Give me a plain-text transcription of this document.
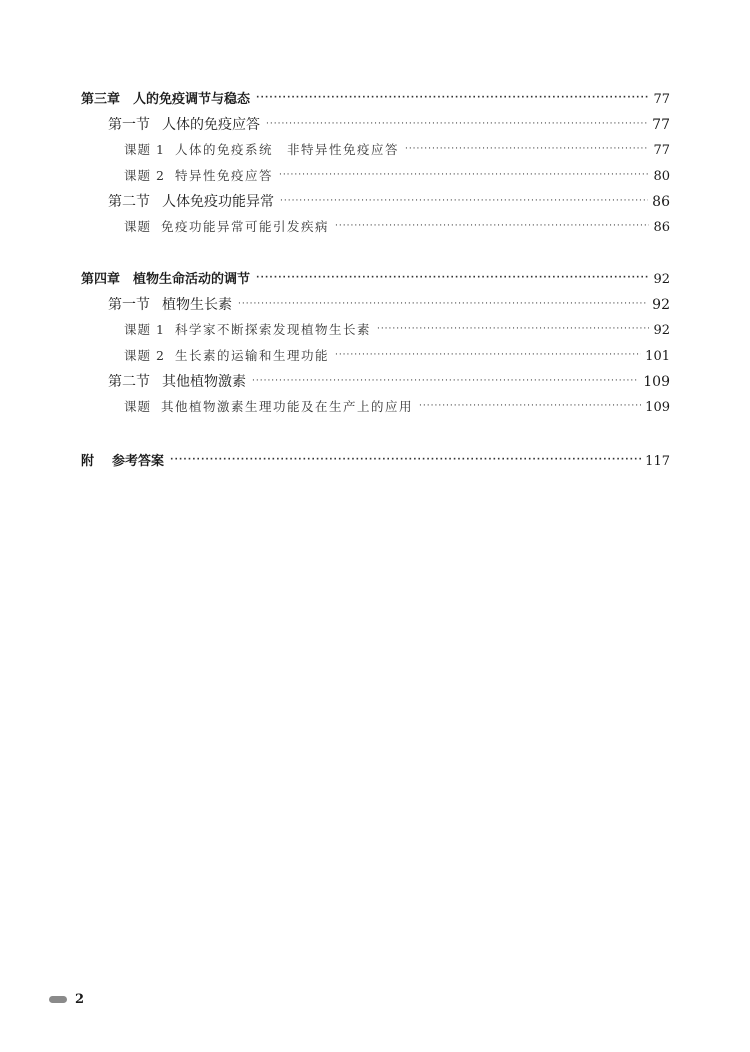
第三章 人的免疫调节与稳态 ·····	77
第一节 人体的免疫应答 ·····	77
课题 1 人体的免疫系统　非特异性免疫应答 ·····	77
课题 2 特异性免疫应答 ·····	80
第二节 人体免疫功能异常 ·····	86
课题 免疫功能异常可能引发疾病 ·····	86
第四章 植物生命活动的调节 ·····	92
第一节 植物生长素 ·····	92
课题 1 科学家不断探索发现植物生长素 ·····	92
课题 2 生长素的运输和生理功能 ·····	101
第二节 其他植物激素 ·····	109
课题 其他植物激素生理功能及在生产上的应用 ·····	109
附 参考答案 ·····	117
2
